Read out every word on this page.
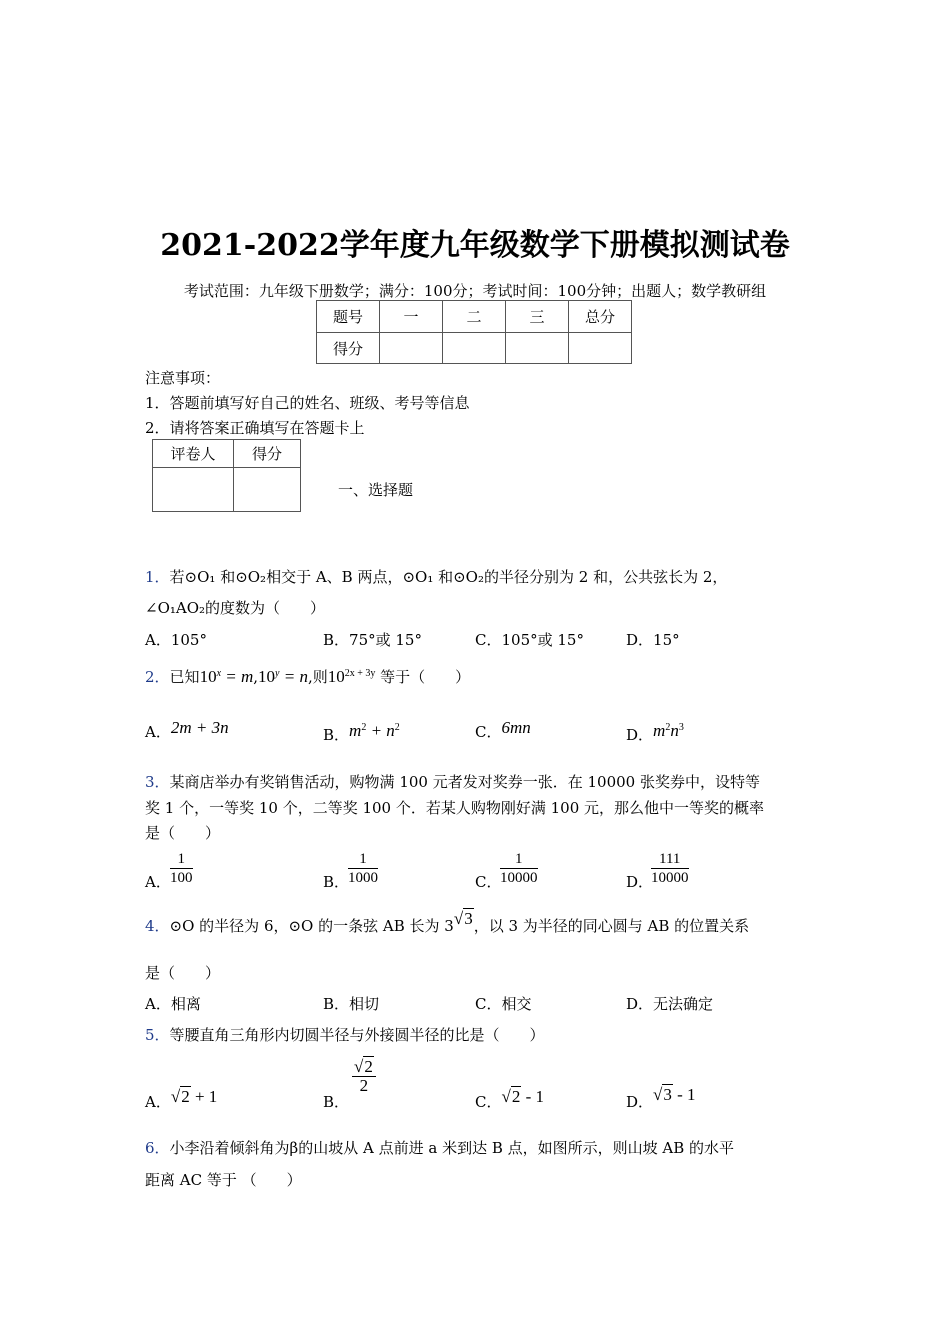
2021-2022学年度九年级数学下册模拟测试卷
考试范围：九年级下册数学；满分：100分；考试时间：100分钟；出题人；数学教研组
题号	一	二	三	总分
得分				
注意事项：
1．答题前填写好自己的姓名、班级、考号等信息
2．请将答案正确填写在答题卡上
评卷人	得分

一、选择题
1．若⊙O₁ 和⊙O₂相交于 A、B 两点，⊙O₁ 和⊙O₂的半径分别为 2 和，公共弦长为 2，
∠O₁AO₂的度数为（　　）
A．105°	B．75°或 15°	C．105°或 15°	D．15°
2．已知$10^x = m,10^y = n$,则$10^{2x + 3y}$ 等于（　　）
A．2m + 3n	B．$m^2 + n^2$	C．6mn	D．$m^2n^3$
3．某商店举办有奖销售活动，购物满 100 元者发对奖券一张．在 10000 张奖券中，设特等
奖 1 个，一等奖 10 个，二等奖 100 个．若某人购物刚好满 100 元，那么他中一等奖的概率
是（　　）
A． $\frac{1}{100}$	B．
$\frac{1}{1000}$	C．
$\frac{1}{10000}$	D．
$\frac{111}{10000}$
4．⊙O 的半径为 6，⊙O 的一条弦 AB 长为 3√3，以 3 为半径的同心圆与 AB 的位置关系
是（　　）
A．相离	B．相切	C．相交	D．无法确定
5．等腰直角三角形内切圆半径与外接圆半径的比是（　　）
A．√2 + 1	B．
$\frac{√2}{2}$
C．√2 - 1	D．√3 - 1
6．小李沿着倾斜角为β的山坡从 A 点前进 a 米到达 B 点，如图所示，则山坡 AB 的水平
距离 AC 等于 （　　）
